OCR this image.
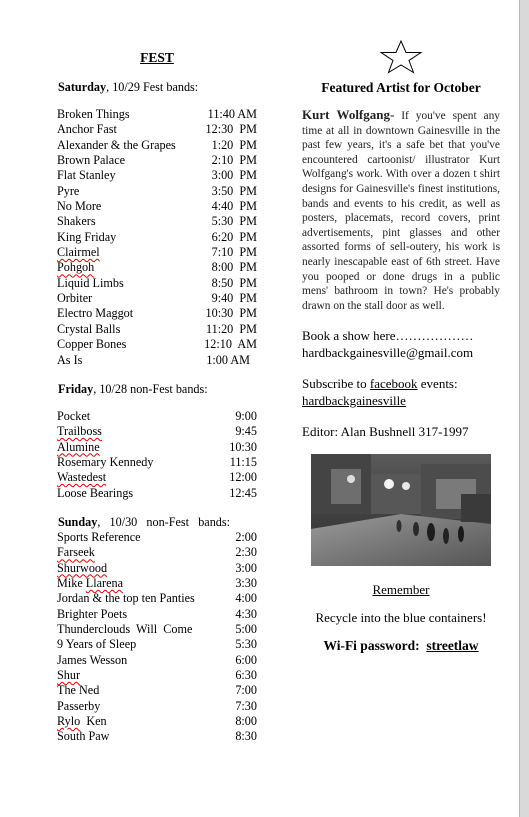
FEST
Saturday, 10/29 Fest bands:
Broken Things	11:40 AM
Anchor Fast	12:30  PM
Alexander & the Grapes	1:20  PM
Brown Palace	2:10  PM
Flat Stanley	3:00  PM
Pyre	3:50  PM
No More	4:40  PM
Shakers	5:30  PM
King Friday	6:20  PM
Clairmel	7:10  PM
Pohgoh	8:00  PM
Liquid Limbs	8:50  PM
Orbiter	9:40  PM
Electro Maggot	10:30  PM
Crystal Balls	11:20  PM
Copper Bones	12:10  AM
As Is	1:00 AM
Friday, 10/28 non-Fest bands:
Pocket	9:00
Trailboss	9:45
Alumine	10:30
Rosemary Kennedy	11:15
Wastedest	12:00
Loose Bearings	12:45
Sunday,   10/30   non-Fest   bands:
Sports Reference	2:00
Farseek	2:30
Shurwood	3:00
Mike Llarena	3:30
Jordan & the top ten Panties	4:00
Brighter Poets	4:30
Thunderclouds  Will  Come	5:00
9 Years of Sleep	5:30
James Wesson	6:00
Shur	6:30
The Ned	7:00
Passerby	7:30
Rylo  Ken	8:00
South Paw	8:30
Featured Artist for October
Kurt Wolfgang- If you've spent any time at all in downtown Gainesville in the past few years, it's a safe bet that you've encountered cartoonist/ illustrator Kurt Wolfgang's work. With over a dozen t shirt designs for Gainesville's finest institutions, bands and events to his credit, as well as posters, placemats, record covers, print advertisements, pint glasses and other assorted forms of sell-outery, his work is nearly inescapable east of 6th street. Have you pooped or done drugs in a public mens' bathroom in town? He's probably drawn on the stall door as well.
Book a show here………………
hardbackgainesville@gmail.com
Subscribe to facebook events:
hardbackgainesville
Editor: Alan Bushnell 317-1997
Remember
Recycle into the blue containers!
Wi-Fi password:  streetlaw
